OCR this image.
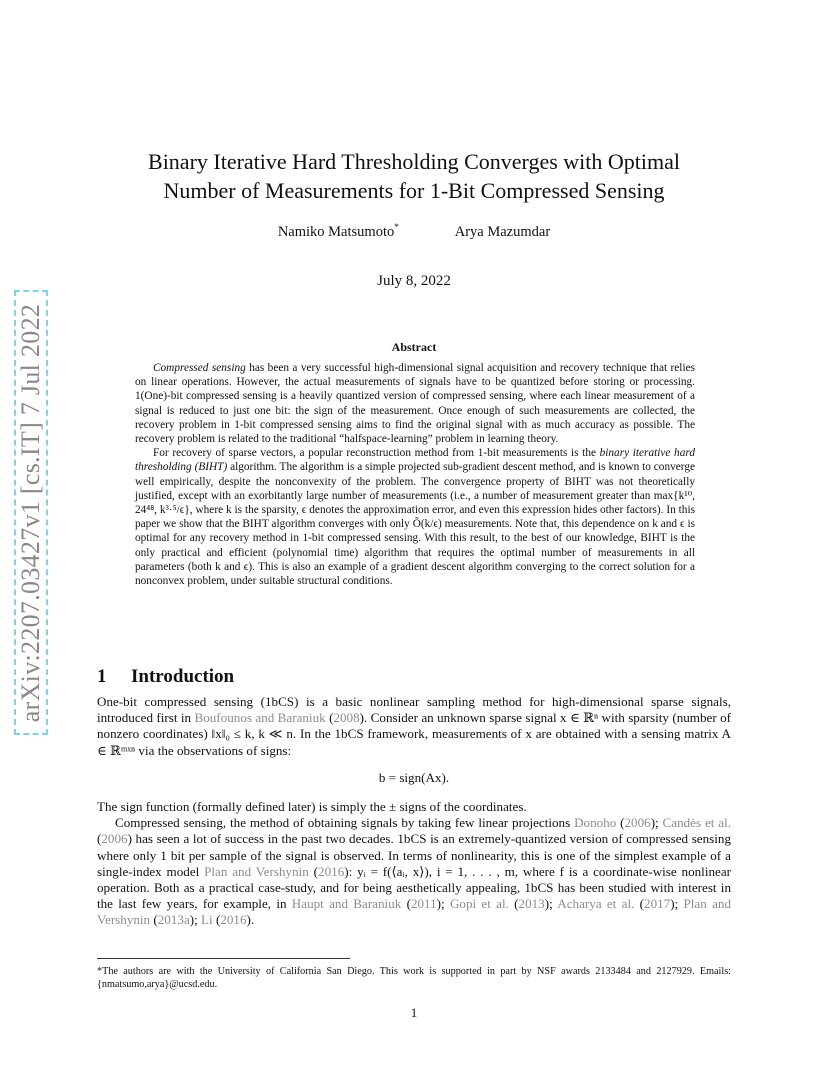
arXiv:2207.03427v1 [cs.IT] 7 Jul 2022
Binary Iterative Hard Thresholding Converges with Optimal
Number of Measurements for 1-Bit Compressed Sensing
Namiko Matsumoto*	Arya Mazumdar
July 8, 2022
Abstract

Compressed sensing has been a very successful high-dimensional signal acquisition and recovery technique that relies on linear operations. However, the actual measurements of signals have to be quantized before storing or processing. 1(One)-bit compressed sensing is a heavily quantized version of compressed sensing, where each linear measurement of a signal is reduced to just one bit: the sign of the measurement. Once enough of such measurements are collected, the recovery problem in 1-bit compressed sensing aims to find the original signal with as much accuracy as possible. The recovery problem is related to the traditional “halfspace-learning” problem in learning theory.

For recovery of sparse vectors, a popular reconstruction method from 1-bit measurements is the binary iterative hard thresholding (BIHT) algorithm. The algorithm is a simple projected sub-gradient descent method, and is known to converge well empirically, despite the nonconvexity of the problem. The convergence property of BIHT was not theoretically justified, except with an exorbitantly large number of measurements (i.e., a number of measurement greater than max{k¹⁰, 24⁴⁸, k³·⁵/ϵ}, where k is the sparsity, ϵ denotes the approximation error, and even this expression hides other factors). In this paper we show that the BIHT algorithm converges with only Õ(k/ϵ) measurements. Note that, this dependence on k and ϵ is optimal for any recovery method in 1-bit compressed sensing. With this result, to the best of our knowledge, BIHT is the only practical and efficient (polynomial time) algorithm that requires the optimal number of measurements in all parameters (both k and ϵ). This is also an example of a gradient descent algorithm converging to the correct solution for a nonconvex problem, under suitable structural conditions.

1 Introduction

One-bit compressed sensing (1bCS) is a basic nonlinear sampling method for high-dimensional sparse signals, introduced first in Boufounos and Baraniuk (2008). Consider an unknown sparse signal x ∈ ℝⁿ with sparsity (number of nonzero coordinates) ‖x‖₀ ≤ k, k ≪ n. In the 1bCS framework, measurements of x are obtained with a sensing matrix A ∈ ℝᵐˣⁿ via the observations of signs:

b = sign(Ax).

The sign function (formally defined later) is simply the ± signs of the coordinates.

Compressed sensing, the method of obtaining signals by taking few linear projections Donoho (2006); Candès et al. (2006) has seen a lot of success in the past two decades. 1bCS is an extremely-quantized version of compressed sensing where only 1 bit per sample of the signal is observed. In terms of nonlinearity, this is one of the simplest example of a single-index model Plan and Vershynin (2016): yᵢ = f(⟨aᵢ, x⟩), i = 1, . . . , m, where f is a coordinate-wise nonlinear operation. Both as a practical case-study, and for being aesthetically appealing, 1bCS has been studied with interest in the last few years, for example, in Haupt and Baraniuk (2011); Gopi et al. (2013); Acharya et al. (2017); Plan and Vershynin (2013a); Li (2016).

*The authors are with the University of California San Diego. This work is supported in part by NSF awards 2133484 and 2127929. Emails: {nmatsumo,arya}@ucsd.edu.
1
